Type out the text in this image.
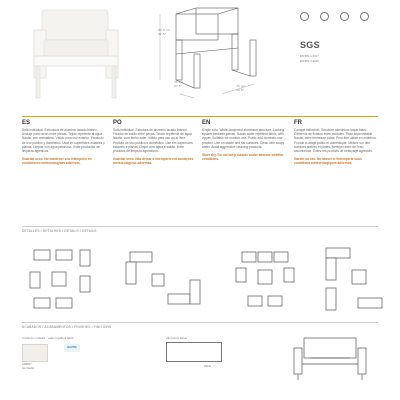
80.0 cm
31.5"
70 cm
27.6"	75 cm
29.5"
SGS
EN 581-1:2017
EN 581-2:2016
ES
Sofá individual. Estructura de aluminio lacado blanco. Anclaje para unión entre piezas. Tejido repelente al agua Nautic, con cremallera. Válido para uso exterior. Producto de uso público y doméstico. Usar en superficies estables y planas. Limpiar con agua jabonosa. Evite productos de limpieza agresivos.
Guardar seco. No mantener a la intemperie en condiciones meteorológicas adversas.
PO
Sofá individual. Estrutura de alumínio lacado branco. Fixador de união entre peças. Tecido repelente de água Nautic, com fecho-ecler. Válido para uso ao ar livre. Produto de uso público e doméstico. Use em superfícies estáveis e planas. Limpe com água e sabão. Evite produtos de limpeza agressivos.
Guardar seco. Não deixar à intempérie em condições meteorológicas adversas.
EN
Single sofa. White lacquered aluminium structure. Locking system between pieces. Nautic water repellent fabric, with zipper. Suitable for outdoor use. Public and domestic use product. Use on stable and flat surfaces. Clean with soapy water. Avoid aggressive cleaning products.
Store dry. Do not keep outside under adverse weather conditions.
FR
Canapé individuel. Structure aluminium laqué blanc. Éléments de fixation entre modules. Tissu imperméable Nautic, avec fermeture éclair. Peut être utilisé en extérieur. Produit à usage public et domestique. Utilisez sur des surfaces stables et plates. Nettoyer avec de l'eau savonneuse. Évitez les produits de nettoyage agressifs.
Garder au sec. Ne laisser à l'intempérie sous conditions météorologiques adverses.
DETALLES / DETALHES / DETAILS / DÉTAILS
ACABADOS / ACABAMENTOS / FINISHES / FINITIONS
Cushions in Nautic - water repellent fabric
018P07
Ice Nautic
NAUTIC
Aluminium frame
White
